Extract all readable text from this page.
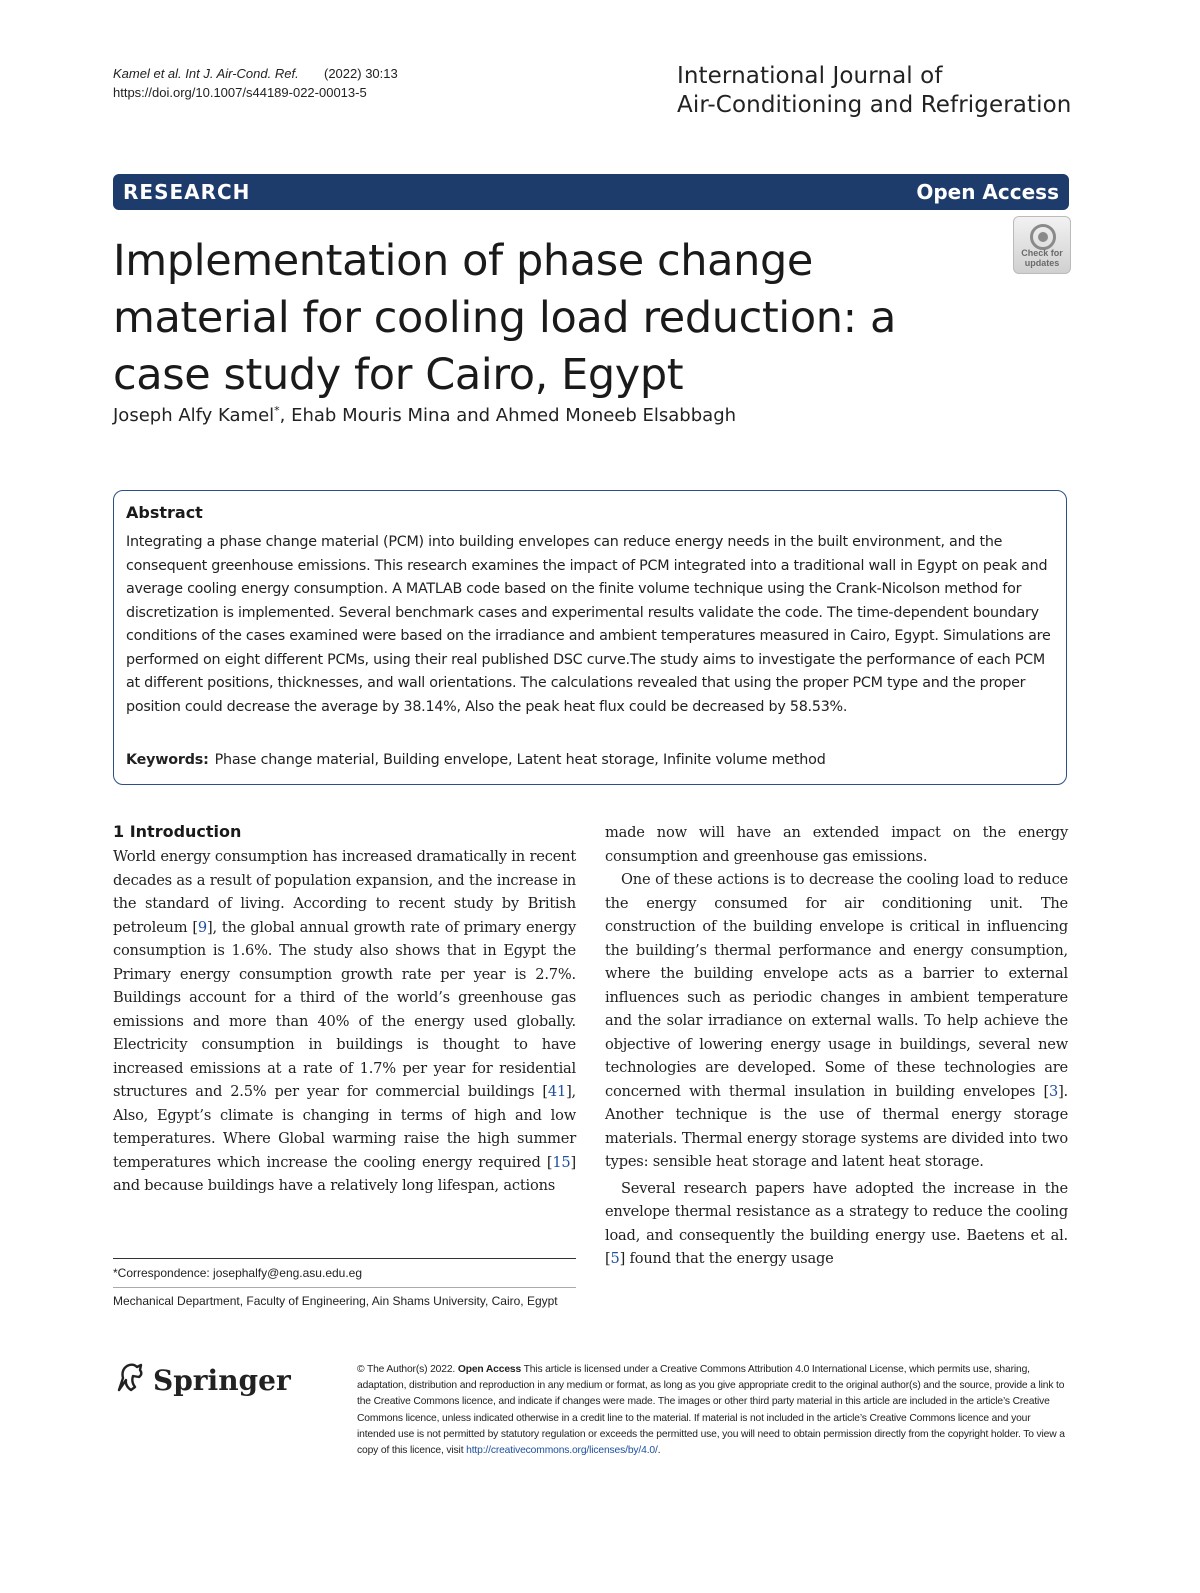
Kamel et al. Int J. Air-Cond. Ref. (2022) 30:13
https://doi.org/10.1007/s44189-022-00013-5
International Journal of
Air-Conditioning and Refrigeration
RESEARCH	Open Access
Check for updates
Implementation of phase change material for cooling load reduction: a case study for Cairo, Egypt
Joseph Alfy Kamel*, Ehab Mouris Mina and Ahmed Moneeb Elsabbagh
Abstract
Integrating a phase change material (PCM) into building envelopes can reduce energy needs in the built environment, and the consequent greenhouse emissions. This research examines the impact of PCM integrated into a traditional wall in Egypt on peak and average cooling energy consumption. A MATLAB code based on the finite volume technique using the Crank-Nicolson method for discretization is implemented. Several benchmark cases and experimental results validate the code. The time-dependent boundary conditions of the cases examined were based on the irradiance and ambient temperatures measured in Cairo, Egypt. Simulations are performed on eight different PCMs, using their real published DSC curve.The study aims to investigate the performance of each PCM at different positions, thicknesses, and wall orientations. The calculations revealed that using the proper PCM type and the proper position could decrease the average by 38.14%, Also the peak heat flux could be decreased by 58.53%.
Keywords: Phase change material, Building envelope, Latent heat storage, Infinite volume method
1 Introduction

World energy consumption has increased dramatically in recent decades as a result of population expansion, and the increase in the standard of living. According to recent study by British petroleum [9], the global annual growth rate of primary energy consumption is 1.6%. The study also shows that in Egypt the Primary energy consumption growth rate per year is 2.7%. Buildings account for a third of the world’s greenhouse gas emissions and more than 40% of the energy used globally. Electricity consumption in buildings is thought to have increased emissions at a rate of 1.7% per year for residential structures and 2.5% per year for commercial buildings [41], Also, Egypt’s climate is changing in terms of high and low temperatures. Where Global warming raise the high summer temperatures which increase the cooling energy required [15] and because buildings have a relatively long lifespan, actions

made now will have an extended impact on the energy consumption and greenhouse gas emissions.

One of these actions is to decrease the cooling load to reduce the energy consumed for air conditioning unit. The construction of the building envelope is critical in influencing the building’s thermal performance and energy consumption, where the building envelope acts as a barrier to external influences such as periodic changes in ambient temperature and the solar irradiance on external walls. To help achieve the objective of lowering energy usage in buildings, several new technologies are developed. Some of these technologies are concerned with thermal insulation in building envelopes [3]. Another technique is the use of thermal energy storage materials. Thermal energy storage systems are divided into two types: sensible heat storage and latent heat storage.

Several research papers have adopted the increase in the envelope thermal resistance as a strategy to reduce the cooling load, and consequently the building energy use. Baetens et al. [5] found that the energy usage

*Correspondence: josephalfy@eng.asu.edu.eg
Mechanical Department, Faculty of Engineering, Ain Shams University, Cairo, Egypt
Springer	© The Author(s) 2022. Open Access This article is licensed under a Creative Commons Attribution 4.0 International License, which permits use, sharing, adaptation, distribution and reproduction in any medium or format, as long as you give appropriate credit to the original author(s) and the source, provide a link to the Creative Commons licence, and indicate if changes were made. The images or other third party material in this article are included in the article’s Creative Commons licence, unless indicated otherwise in a credit line to the material. If material is not included in the article’s Creative Commons licence and your intended use is not permitted by statutory regulation or exceeds the permitted use, you will need to obtain permission directly from the copyright holder. To view a copy of this licence, visit http://creativecommons.org/licenses/by/4.0/.
